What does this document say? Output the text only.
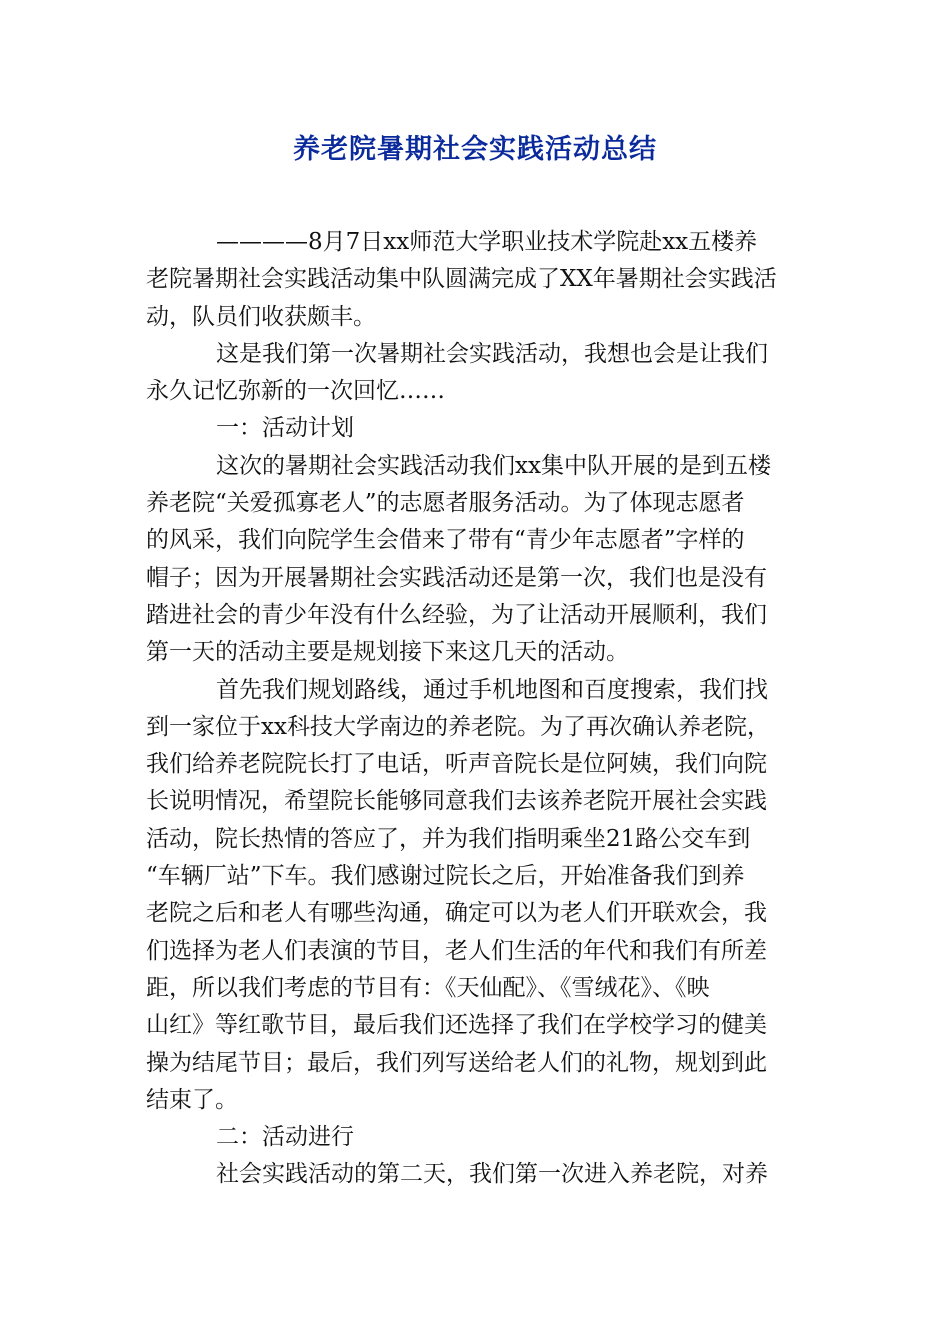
养老院暑期社会实践活动总结
————8月7日xx师范大学职业技术学院赴xx五楼养
老院暑期社会实践活动集中队圆满完成了XX年暑期社会实践活
动，队员们收获颇丰。
这是我们第一次暑期社会实践活动，我想也会是让我们
永久记忆弥新的一次回忆……
一：活动计划
这次的暑期社会实践活动我们xx集中队开展的是到五楼
养老院“关爱孤寡老人”的志愿者服务活动。为了体现志愿者
的风采，我们向院学生会借来了带有“青少年志愿者”字样的
帽子；因为开展暑期社会实践活动还是第一次，我们也是没有
踏进社会的青少年没有什么经验，为了让活动开展顺利，我们
第一天的活动主要是规划接下来这几天的活动。
首先我们规划路线，通过手机地图和百度搜索，我们找
到一家位于xx科技大学南边的养老院。为了再次确认养老院，
我们给养老院院长打了电话，听声音院长是位阿姨，我们向院
长说明情况，希望院长能够同意我们去该养老院开展社会实践
活动，院长热情的答应了，并为我们指明乘坐21路公交车到
“车辆厂站”下车。我们感谢过院长之后，开始准备我们到养
老院之后和老人有哪些沟通，确定可以为老人们开联欢会，我
们选择为老人们表演的节目，老人们生活的年代和我们有所差
距，所以我们考虑的节目有：《天仙配》、《雪绒花》、《映
山红》等红歌节目，最后我们还选择了我们在学校学习的健美
操为结尾节目；最后，我们列写送给老人们的礼物，规划到此
结束了。
二：活动进行
社会实践活动的第二天，我们第一次进入养老院，对养
